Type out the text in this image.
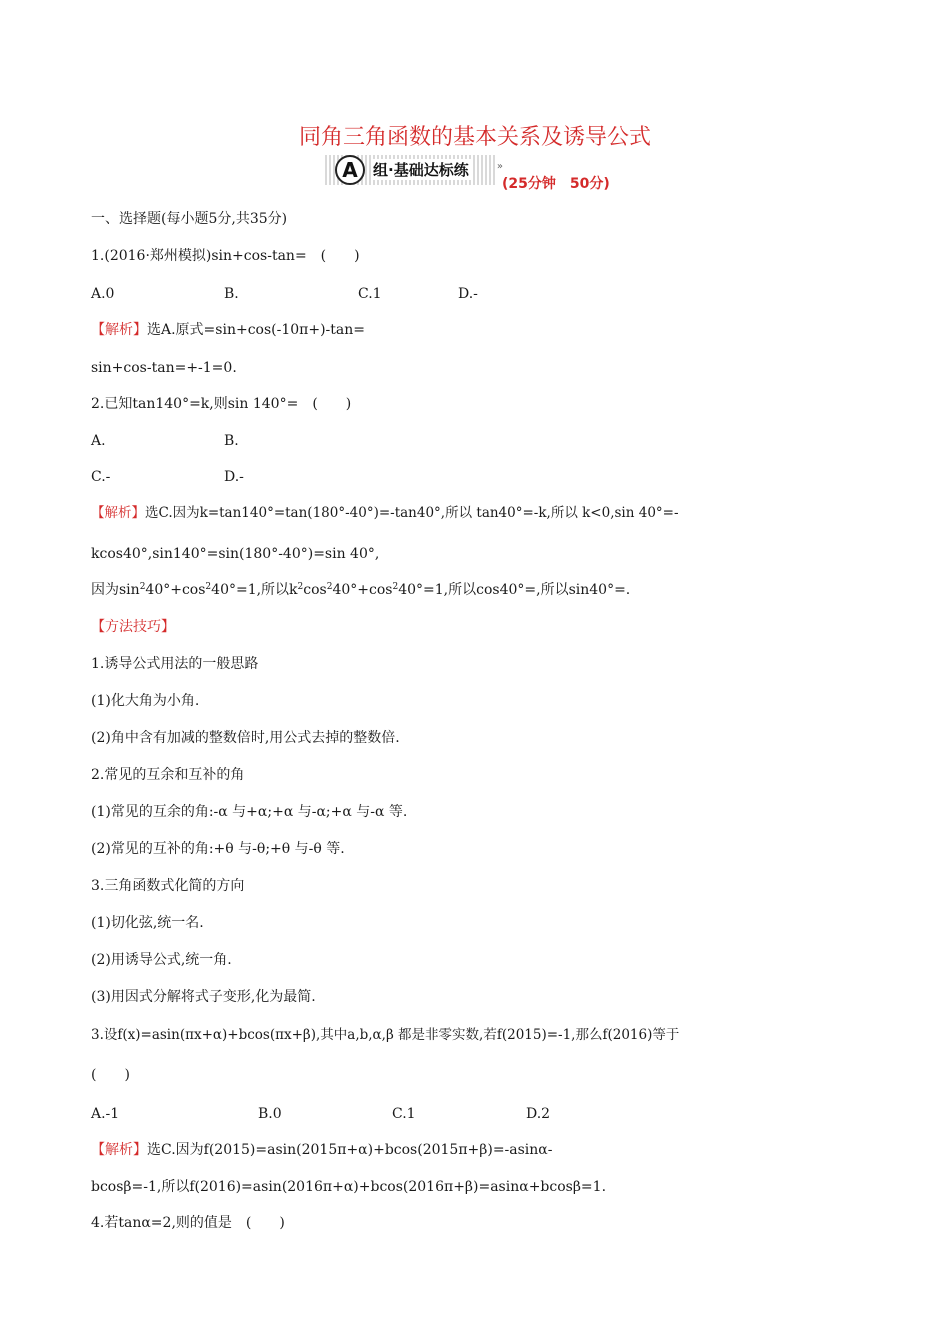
同角三角函数的基本关系及诱导公式
A	组·基础达标练	»
(25分钟　50分)
一、选择题(每小题5分,共35分)
1.(2016·郑州模拟)sin+cos-tan=　(　　)
A.0	B.	C.1	D.-
【解析】选A.原式=sin+cos(-10π+)-tan=
sin+cos-tan=+-1=0.
2.已知tan140°=k,则sin 140°=　(　　)
A.	B.
C.-	D.-
【解析】选C.因为k=tan140°=tan(180°-40°)=-tan40°,所以 tan40°=-k,所以 k<0,sin 40°=-
kcos40°,sin140°=sin(180°-40°)=sin 40°,
因为$\sin^240^\circ+\cos^240^\circ=1$,所以$k^2\cos^240^\circ+\cos^240^\circ=1$,所以cos40°=,所以sin40°=.
【方法技巧】
1.诱导公式用法的一般思路
(1)化大角为小角.
(2)角中含有加减的整数倍时,用公式去掉的整数倍.
2.常见的互余和互补的角
(1)常见的互余的角:-α 与+α;+α 与-α;+α 与-α 等.
(2)常见的互补的角:+θ 与-θ;+θ 与-θ 等.
3.三角函数式化简的方向
(1)切化弦,统一名.
(2)用诱导公式,统一角.
(3)用因式分解将式子变形,化为最简.
3.设f(x)=asin(πx+α)+bcos(πx+β),其中a,b,α,β 都是非零实数,若f(2015)=-1,那么f(2016)等于
(　　)
A.-1	B.0	C.1	D.2
【解析】选C.因为f(2015)=asin(2015π+α)+bcos(2015π+β)=-asinα-
bcosβ=-1,所以f(2016)=asin(2016π+α)+bcos(2016π+β)=asinα+bcosβ=1.
4.若tanα=2,则的值是　(　　)
